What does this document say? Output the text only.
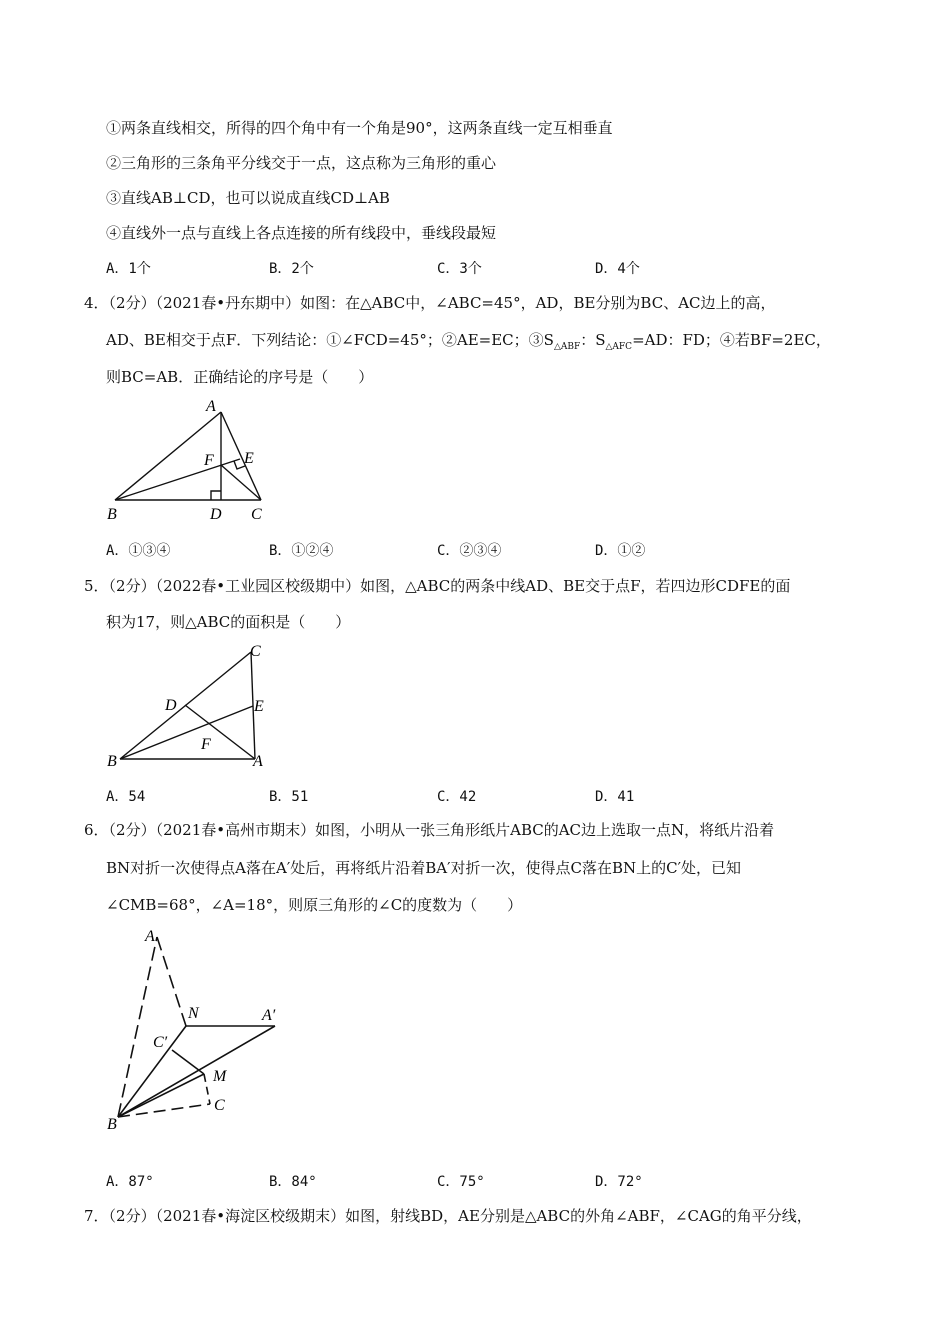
①两条直线相交，所得的四个角中有一个角是90°，这两条直线一定互相垂直
②三角形的三条角平分线交于一点，这点称为三角形的重心
③直线AB⊥CD，也可以说成直线CD⊥AB
④直线外一点与直线上各点连接的所有线段中，垂线段最短
A．1个	B．2个	C．3个	D．4个
4．（2分）（2021春•丹东期中）如图：在△ABC中，∠ABC=45°，AD，BE分别为BC、AC边上的高，
AD、BE相交于点F．下列结论：①∠FCD=45°；②AE=EC；$③S_{\triangle ABF}$：$S_{\triangle AFC}=AD$：FD；④若BF=2EC，
则BC=AB．正确结论的序号是（　　）
A
F E
B	D C
A．①③④	B．①②④	C．②③④	D．①②
5．（2分）（2022春•工业园区校级期中）如图，△ABC的两条中线AD、BE交于点F，若四边形CDFE的面
积为17，则△ABC的面积是（　　）
C
D	E
F
B	A
A．54	B．51	C．42	D．41
6．（2分）（2021春•高州市期末）如图，小明从一张三角形纸片ABC的AC边上选取一点N，将纸片沿着
BN对折一次使得点A落在A′处后，再将纸片沿着BA′对折一次，使得点C落在BN上的C′处，已知
∠CMB=68°，∠A=18°，则原三角形的∠C的度数为（　　）
A
N	A′
C′
M
C
B
A．87°	B．84°	C．75°	D．72°
7．（2分）（2021春•海淀区校级期末）如图，射线BD，AE分别是△ABC的外角∠ABF，∠CAG的角平分线，
